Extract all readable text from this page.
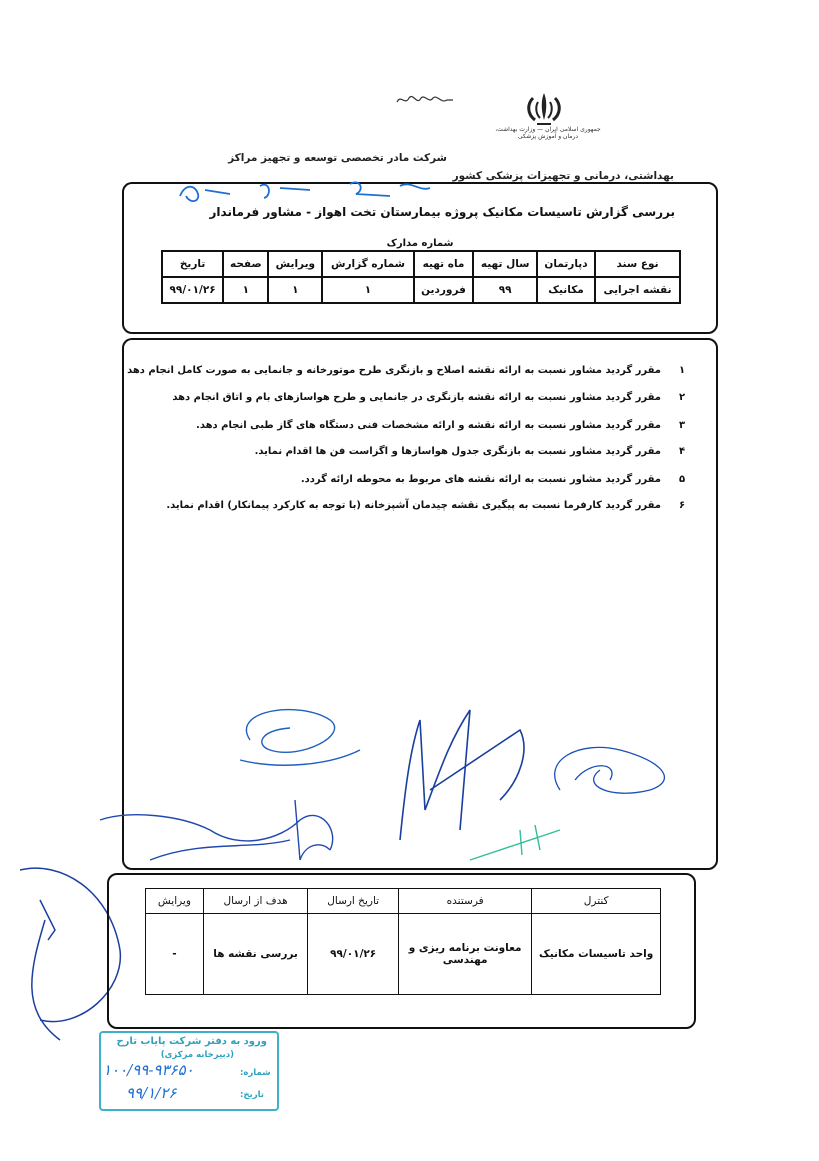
جمهوری اسلامی ایران — وزارت بهداشت، درمان و آموزش پزشکی
شرکت مادر تخصصی توسعه و تجهیز مراکز
بهداشتی، درمانی و تجهیزات پزشکی کشور
بررسی گزارش تاسیسات مکانیک پروژه بیمارستان تخت اهواز - مشاور فرماندار
شماره مدارک
نوع سند	دپارتمان	سال تهیه	ماه تهیه	شماره گزارش	ویرایش	صفحه	تاریخ
نقشه اجرایی	مکانیک	۹۹	فروردین	۱	۱	۱	۹۹/۰۱/۲۶
۱
مقرر گردید مشاور نسبت به ارائه نقشه اصلاح و بازنگری طرح موتورخانه و جانمایی به صورت کامل انجام دهد
۲
مقرر گردید مشاور نسبت به ارائه نقشه بازنگری در جانمایی و طرح هواسازهای بام و اتاق انجام دهد
۳
مقرر گردید مشاور نسبت به ارائه نقشه و ارائه مشخصات فنی دستگاه های گاز طبی انجام دهد.
۴
مقرر گردید مشاور نسبت به بازنگری جدول هواسازها و اگزاست فن ها اقدام نماید.
۵
مقرر گردید مشاور نسبت به ارائه نقشه های مربوط به محوطه ارائه گردد.
۶
مقرر گردید کارفرما نسبت به پیگیری نقشه چیدمان آشپزخانه (با توجه به کارکرد پیمانکار) اقدام نماید.
کنترل	فرستنده	تاریخ ارسال	هدف از ارسال	ویرایش
واحد تاسیسات مکانیک	معاونت برنامه ریزی و مهندسی	۹۹/۰۱/۲۶	بررسی نقشه ها	-
ورود به دفتر شرکت پایاب تارح
(دبیرخانه مرکزی)
شماره:
تاریخ:
۱۰۰/۹۹-۹۳۶۵۰
۹۹/۱/۲۶
